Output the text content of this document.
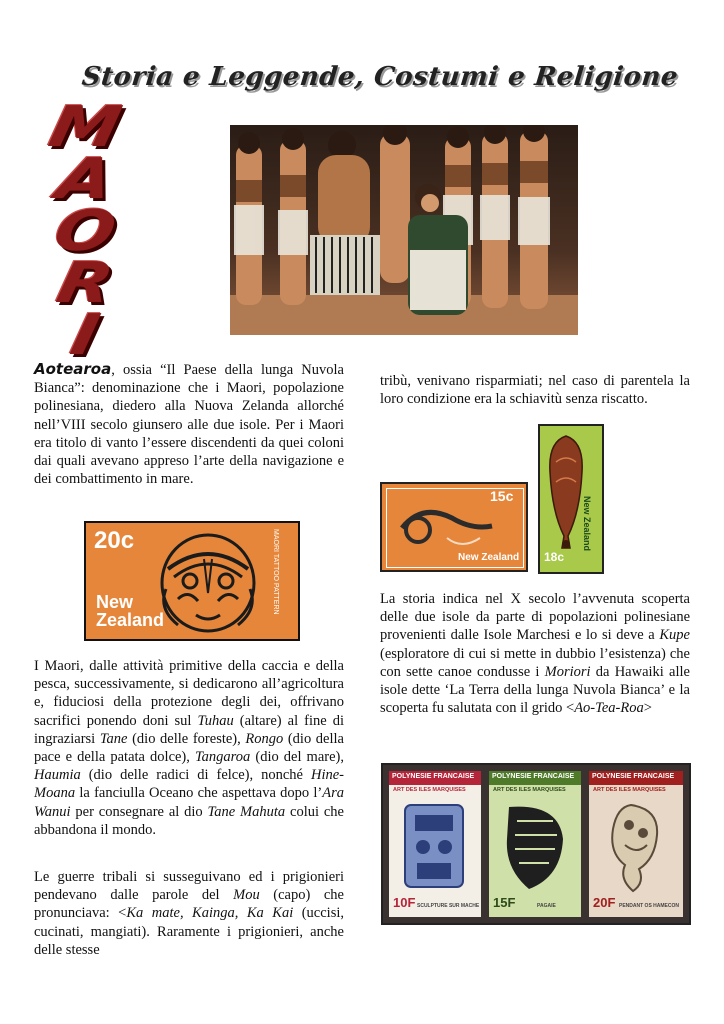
Storia e Leggende, Costumi e Religione
M
A
O
R
I

Aotearoa, ossia “Il Paese della lunga Nuvola Bianca”: denominazione che i Maori, popolazione polinesiana, diedero alla Nuova Zelanda allorché nell’VIII secolo giunsero alle due isole. Per i Maori era titolo di vanto l’essere discendenti da quei coloni dai quali avevano appreso l’arte della navigazione e dei combattimento in mare.

20c
New
Zealand
MAORI TATTOO PATTERN

I Maori, dalle attività primitive della caccia e della pesca, successivamente, si dedicarono all’agricoltura e, fiduciosi della protezione degli dei, offrivano sacrifici ponendo doni sul Tuhau (altare) al fine di ingraziarsi Tane (dio delle foreste), Rongo (dio della pace e della patata dolce), Tangaroa (dio del mare), Haumia (dio delle radici di felce), nonché Hine-Moana la fanciulla Oceano che aspettava dopo l’Ara Wanui per consegnare al dio Tane Mahuta colui che abbandona il mondo.

Le guerre tribali si susseguivano ed i prigionieri pendevano dalle parole del Mou (capo) che pronunciava: <Ka mate, Kainga, Ka Kai (uccisi, cucinati, mangiati). Raramente i prigionieri, anche delle stesse

tribù, venivano risparmiati; nel caso di parentela la loro condizione era la schiavitù senza riscatto.

15c
New Zealand 18c
New Zealand

La storia indica nel X secolo l’avvenuta scoperta delle due isole da parte di popolazioni polinesiane provenienti dalle Isole Marchesi e lo si deve a Kupe (esploratore di cui si mette in dubbio l’esistenza) che con sette canoe condusse i Moriori da Hawaiki alle isole dette ‘La Terra della lunga Nuvola Bianca’ e la scoperta fu salutata con il grido <Ao-Tea-Roa>

POLYNESIE FRANCAISE
ART DES ILES MARQUISES
10F SCULPTURE SUR MACHE
POLYNESIE FRANCAISE
ART DES ILES MARQUISES
15F	PAGAIE
POLYNESIE FRANCAISE
ART DES ILES MARQUISES
20F PENDANT OS HAMECON
